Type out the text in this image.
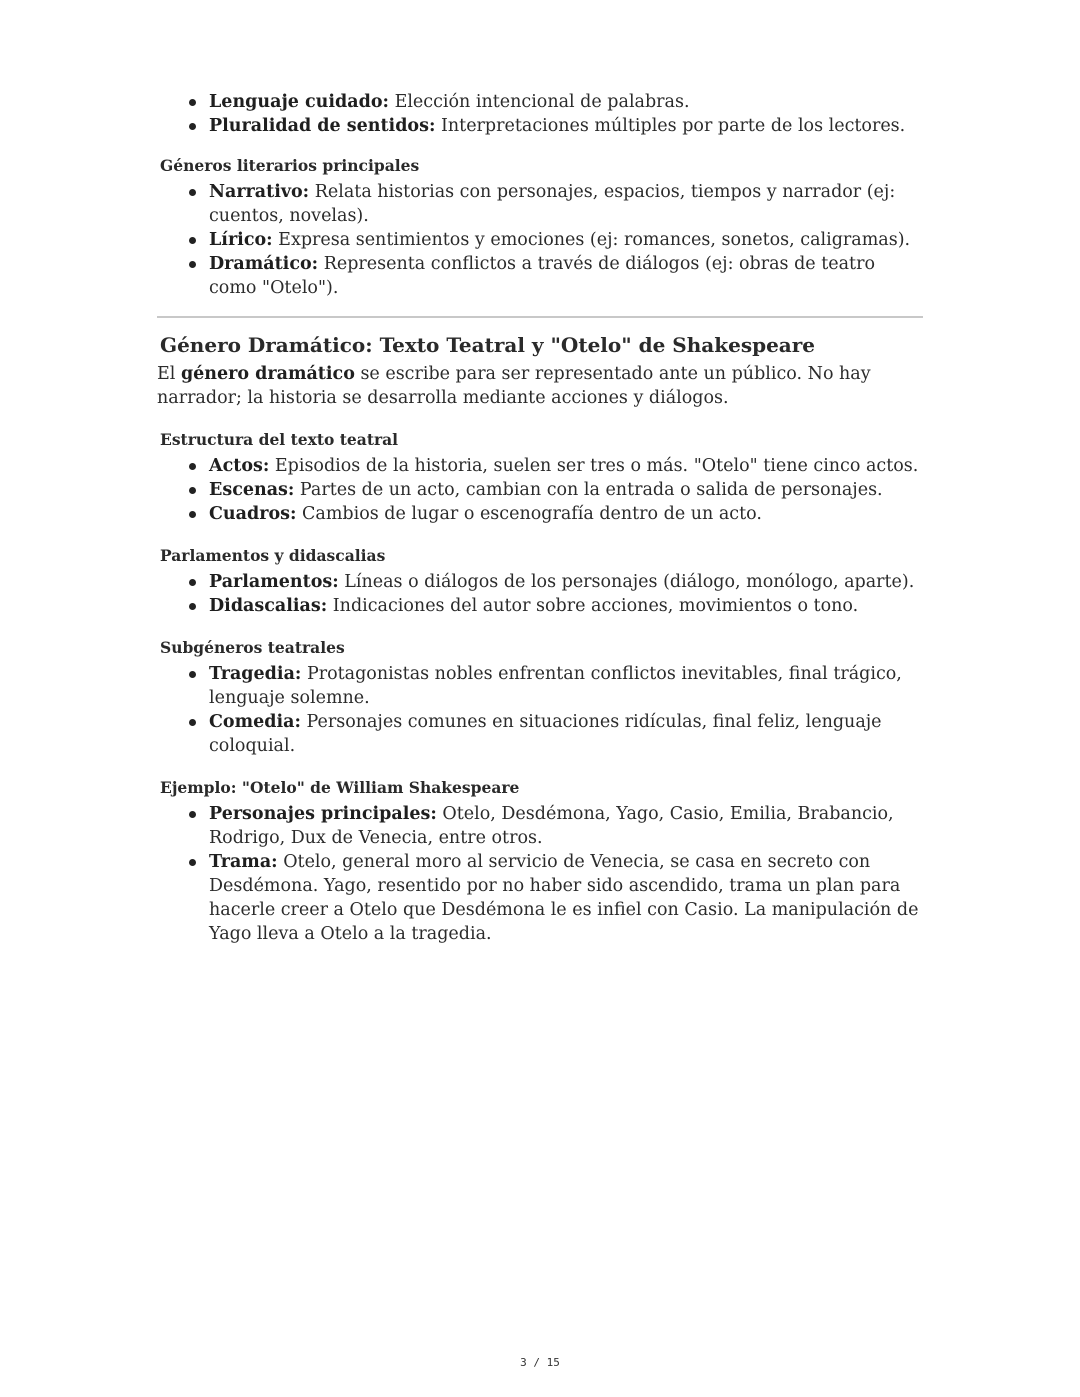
Lenguaje cuidado: Elección intencional de palabras.
Pluralidad de sentidos: Interpretaciones múltiples por parte de los lectores.
Géneros literarios principales
Narrativo: Relata historias con personajes, espacios, tiempos y narrador (ej: cuentos, novelas).
Lírico: Expresa sentimientos y emociones (ej: romances, sonetos, caligramas).
Dramático: Representa conflictos a través de diálogos (ej: obras de teatro como "Otelo").
Género Dramático: Texto Teatral y "Otelo" de Shakespeare

El género dramático se escribe para ser representado ante un público. No hay narrador; la historia se desarrolla mediante acciones y diálogos.

Estructura del texto teatral
Actos: Episodios de la historia, suelen ser tres o más. "Otelo" tiene cinco actos.
Escenas: Partes de un acto, cambian con la entrada o salida de personajes.
Cuadros: Cambios de lugar o escenografía dentro de un acto.
Parlamentos y didascalias
Parlamentos: Líneas o diálogos de los personajes (diálogo, monólogo, aparte).
Didascalias: Indicaciones del autor sobre acciones, movimientos o tono.
Subgéneros teatrales
Tragedia: Protagonistas nobles enfrentan conflictos inevitables, final trágico, lenguaje solemne.
Comedia: Personajes comunes en situaciones ridículas, final feliz, lenguaje coloquial.
Ejemplo: "Otelo" de William Shakespeare
Personajes principales: Otelo, Desdémona, Yago, Casio, Emilia, Brabancio, Rodrigo, Dux de Venecia, entre otros.
Trama: Otelo, general moro al servicio de Venecia, se casa en secreto con Desdémona. Yago, resentido por no haber sido ascendido, trama un plan para hacerle creer a Otelo que Desdémona le es infiel con Casio. La manipulación de Yago lleva a Otelo a la tragedia.
3 / 15
